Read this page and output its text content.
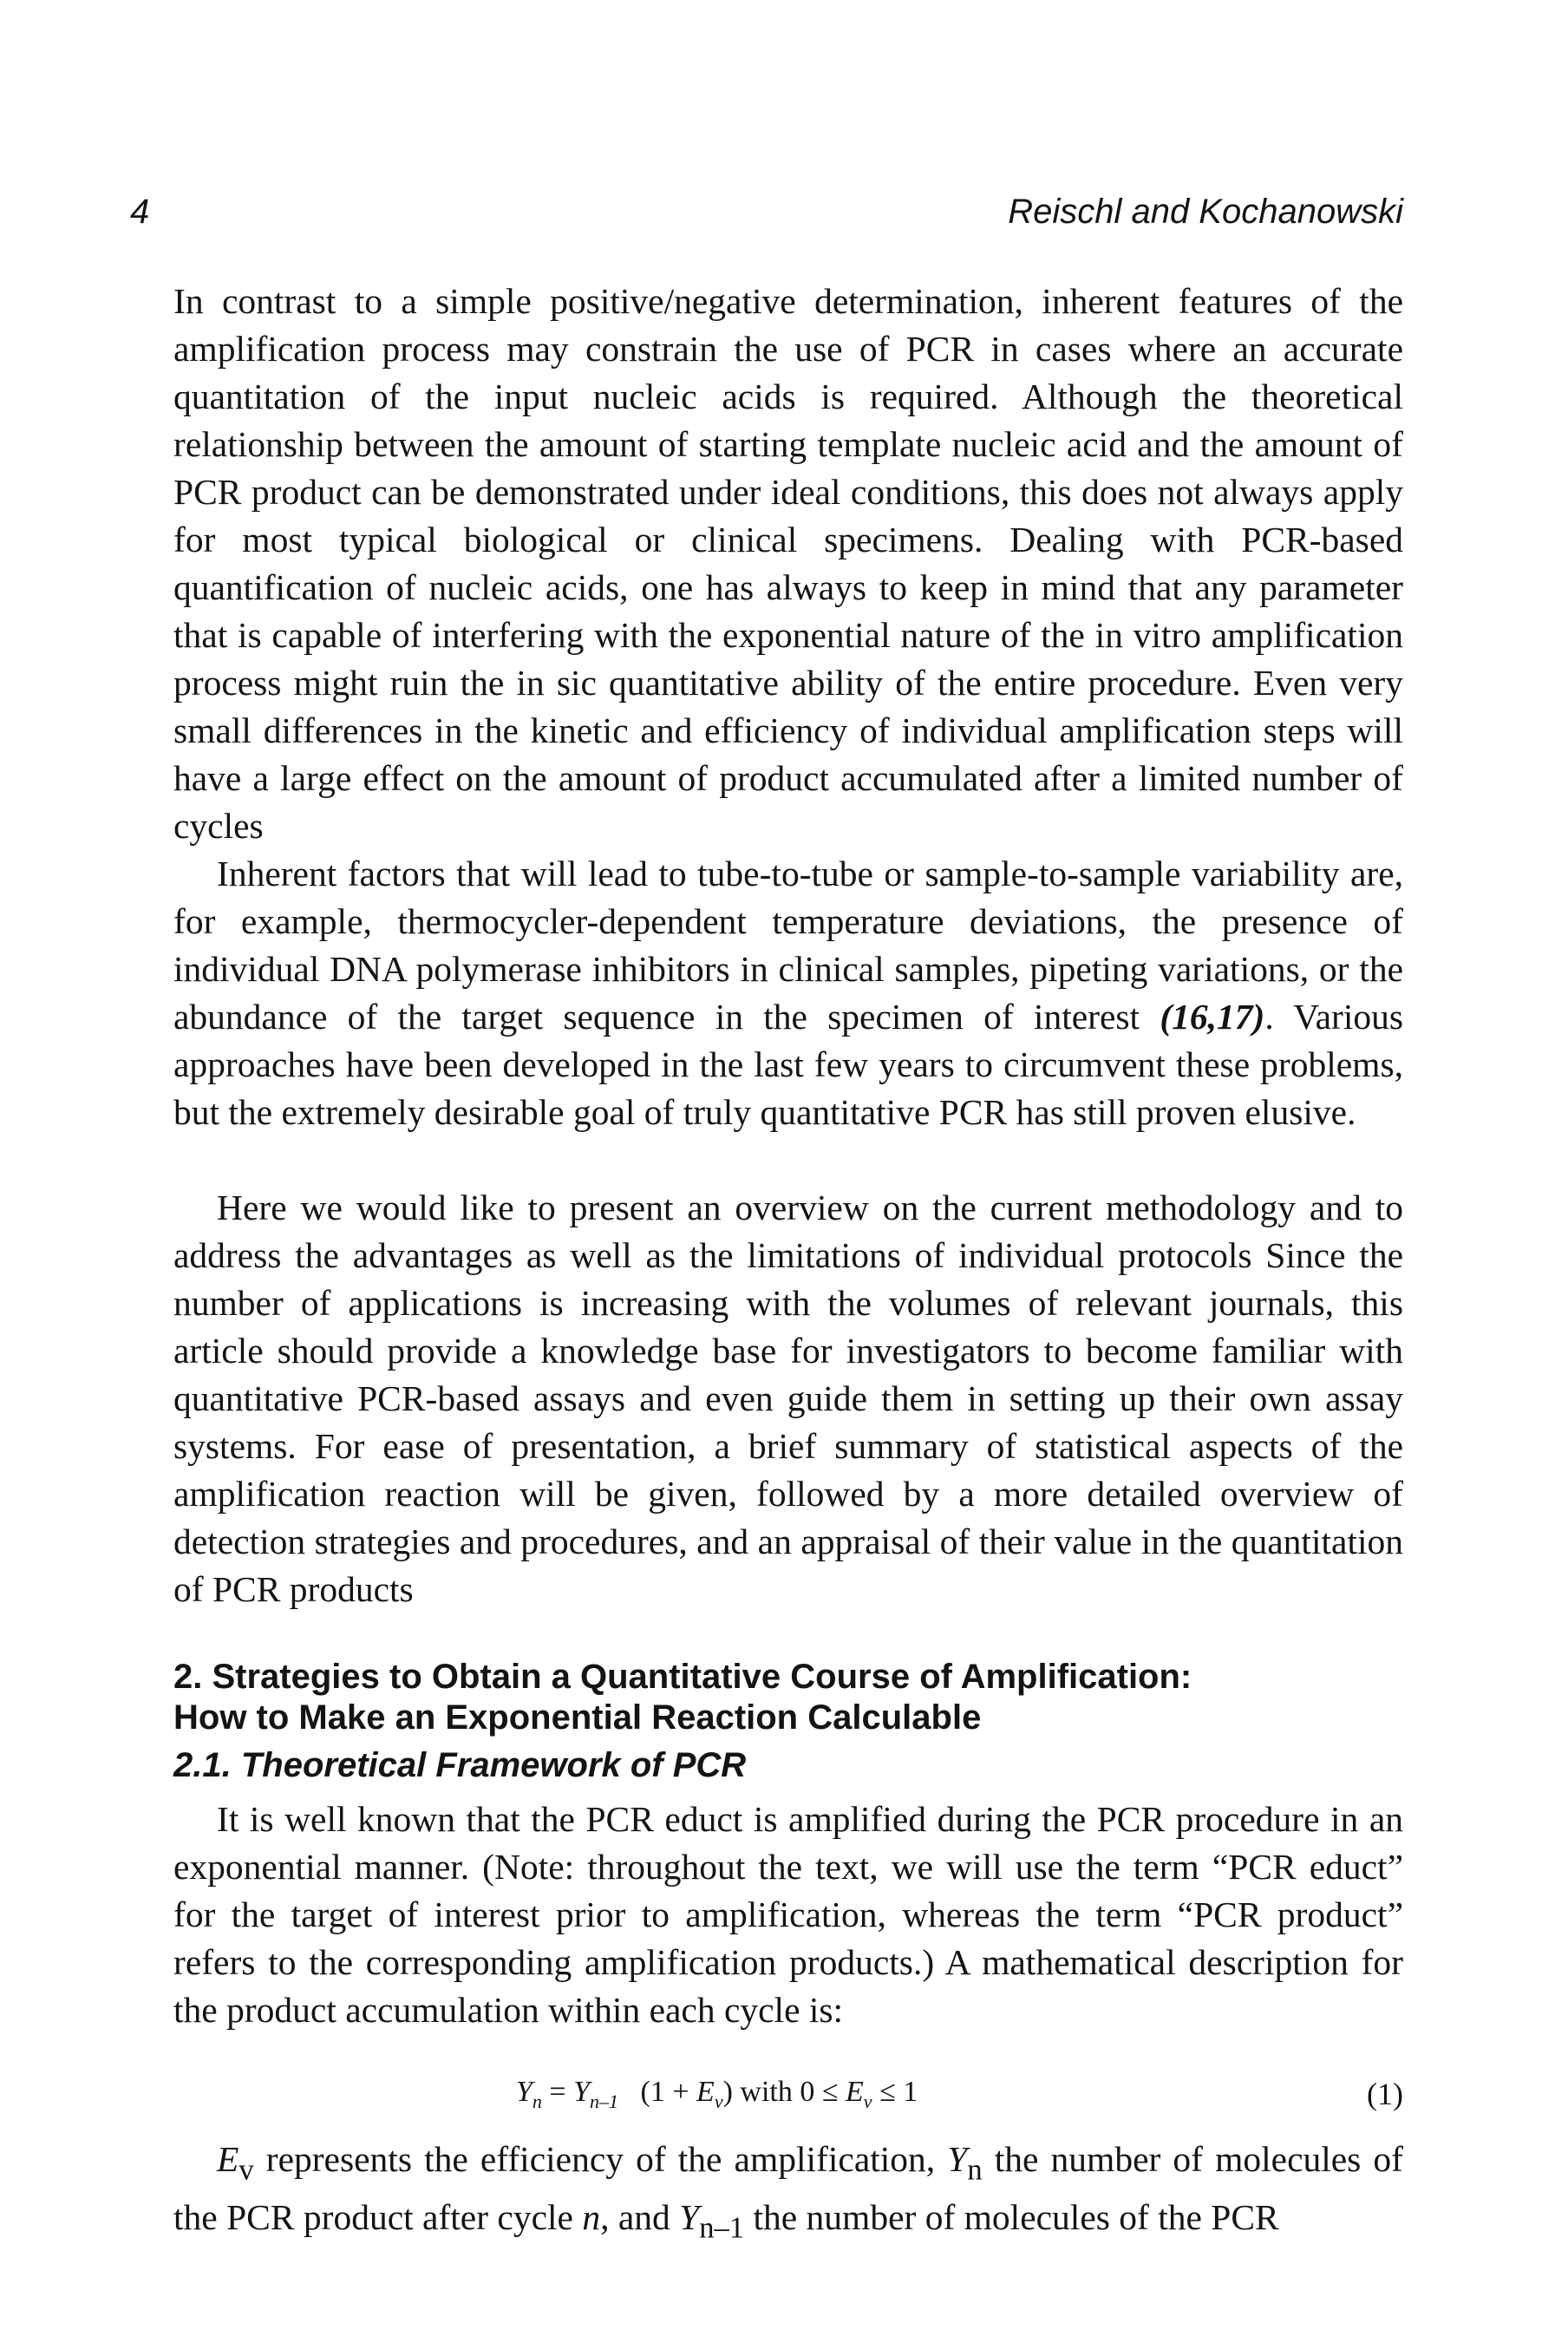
4	Reischl and Kochanowski

In contrast to a simple positive/negative determination, inherent features of the amplification process may constrain the use of PCR in cases where an accurate quantitation of the input nucleic acids is required. Although the theoretical relationship between the amount of starting template nucleic acid and the amount of PCR product can be demonstrated under ideal conditions, this does not always apply for most typical biological or clinical specimens. Dealing with PCR-based quantification of nucleic acids, one has always to keep in mind that any parameter that is capable of interfering with the exponential nature of the in vitro amplification process might ruin the in sic quantitative ability of the entire procedure. Even very small differences in the kinetic and efficiency of individual amplification steps will have a large effect on the amount of product accumulated after a limited number of cycles

Inherent factors that will lead to tube-to-tube or sample-to-sample variability are, for example, thermocycler-dependent temperature deviations, the presence of individual DNA polymerase inhibitors in clinical samples, pipeting variations, or the abundance of the target sequence in the specimen of interest (16,17). Various approaches have been developed in the last few years to circumvent these problems, but the extremely desirable goal of truly quantitative PCR has still proven elusive.

Here we would like to present an overview on the current methodology and to address the advantages as well as the limitations of individual protocols Since the number of applications is increasing with the volumes of relevant journals, this article should provide a knowledge base for investigators to become familiar with quantitative PCR-based assays and even guide them in setting up their own assay systems. For ease of presentation, a brief summary of statistical aspects of the amplification reaction will be given, followed by a more detailed overview of detection strategies and procedures, and an appraisal of their value in the quantitation of PCR products

2. Strategies to Obtain a Quantitative Course of Amplification:
How to Make an Exponential Reaction Calculable
2.1. Theoretical Framework of PCR

It is well known that the PCR educt is amplified during the PCR procedure in an exponential manner. (Note: throughout the text, we will use the term “PCR educt” for the target of interest prior to amplification, whereas the term “PCR product” refers to the corresponding amplification products.) A mathematical description for the product accumulation within each cycle is:

$Y_n = Y_{n-1}$ $(1 + E_v)$ with $0 \le E_v \le 1$	(1)

$E_v$ represents the efficiency of the amplification, $Y_n$ the number of molecules of the PCR product after cycle n, and $Y_{n-1}$ the number of molecules of the PCR
